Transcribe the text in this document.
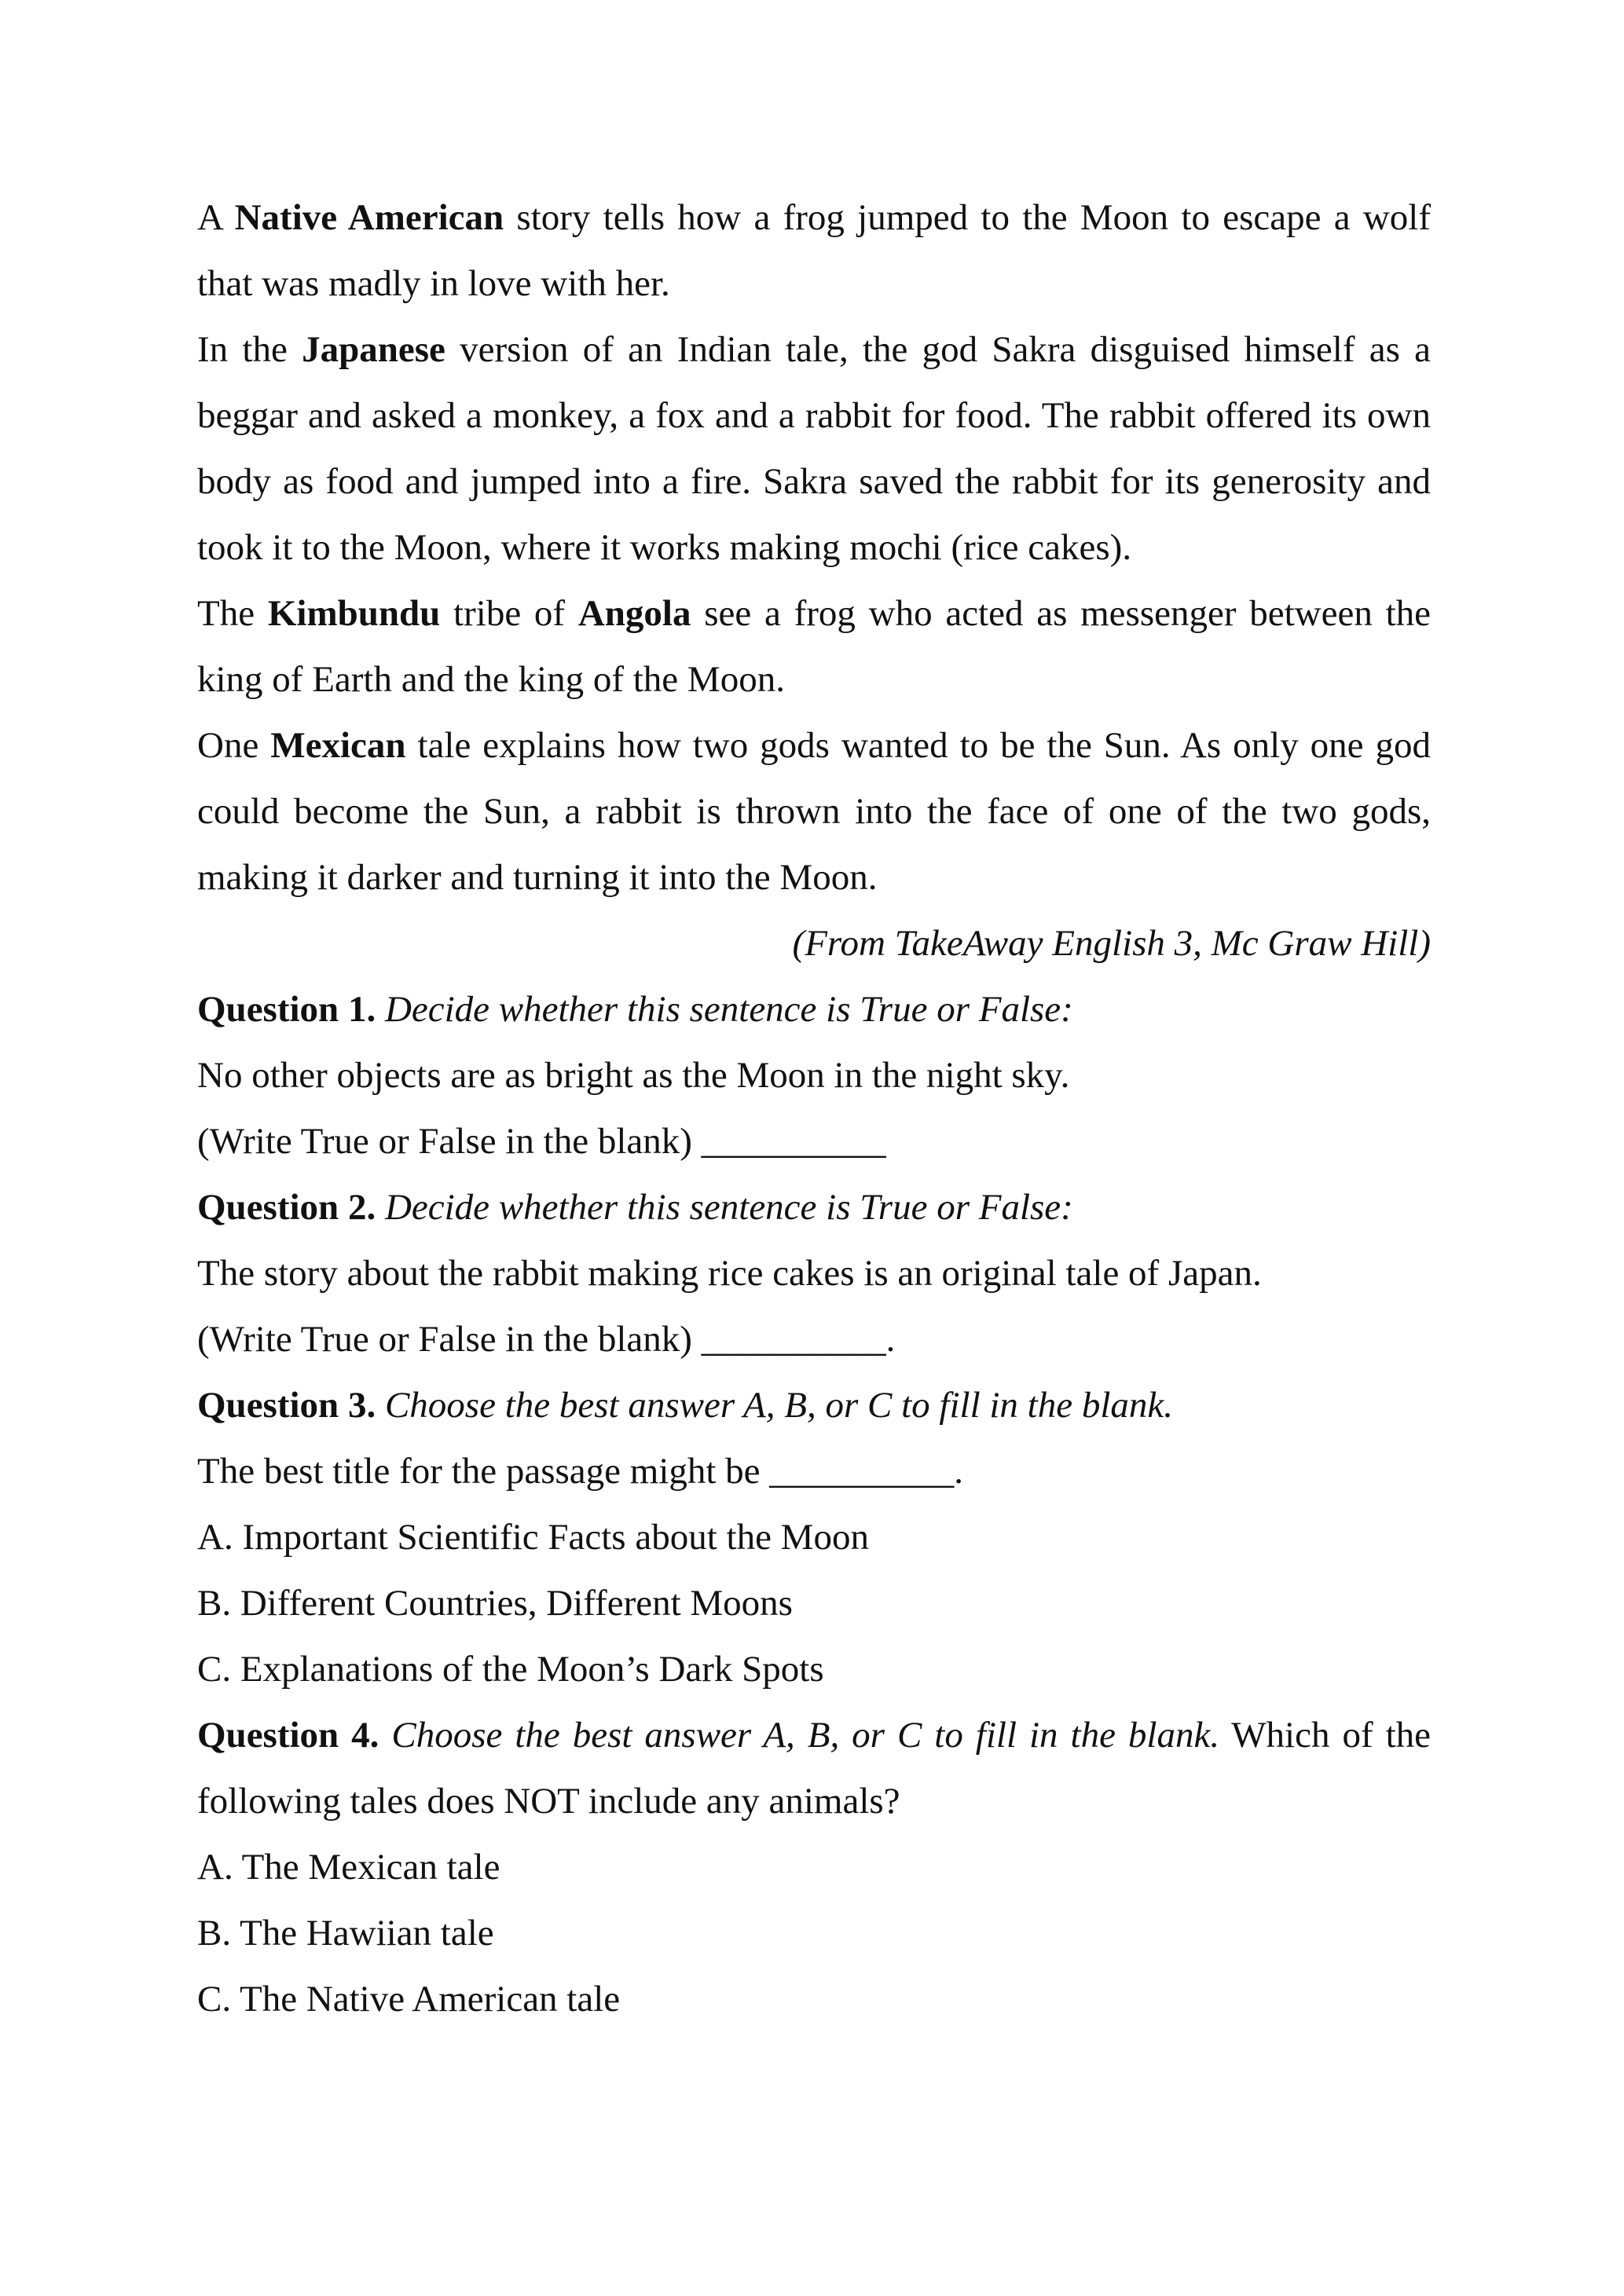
A Native American story tells how a frog jumped to the Moon to escape a wolf that was madly in love with her.

In the Japanese version of an Indian tale, the god Sakra disguised himself as a beggar and asked a monkey, a fox and a rabbit for food. The rabbit offered its own body as food and jumped into a fire. Sakra saved the rabbit for its generosity and took it to the Moon, where it works making mochi (rice cakes).

The Kimbundu tribe of Angola see a frog who acted as messenger between the king of Earth and the king of the Moon.

One Mexican tale explains how two gods wanted to be the Sun. As only one god could become the Sun, a rabbit is thrown into the face of one of the two gods, making it darker and turning it into the Moon.

(From TakeAway English 3, Mc Graw Hill)

Question 1. Decide whether this sentence is True or False:

No other objects are as bright as the Moon in the night sky.

(Write True or False in the blank) __________

Question 2. Decide whether this sentence is True or False:

The story about the rabbit making rice cakes is an original tale of Japan.

(Write True or False in the blank) __________.

Question 3. Choose the best answer A, B, or C to fill in the blank.

The best title for the passage might be __________.

A. Important Scientific Facts about the Moon

B. Different Countries, Different Moons

C. Explanations of the Moon’s Dark Spots

Question 4. Choose the best answer A, B, or C to fill in the blank. Which of the following tales does NOT include any animals?

A. The Mexican tale

B. The Hawiian tale

C. The Native American tale
